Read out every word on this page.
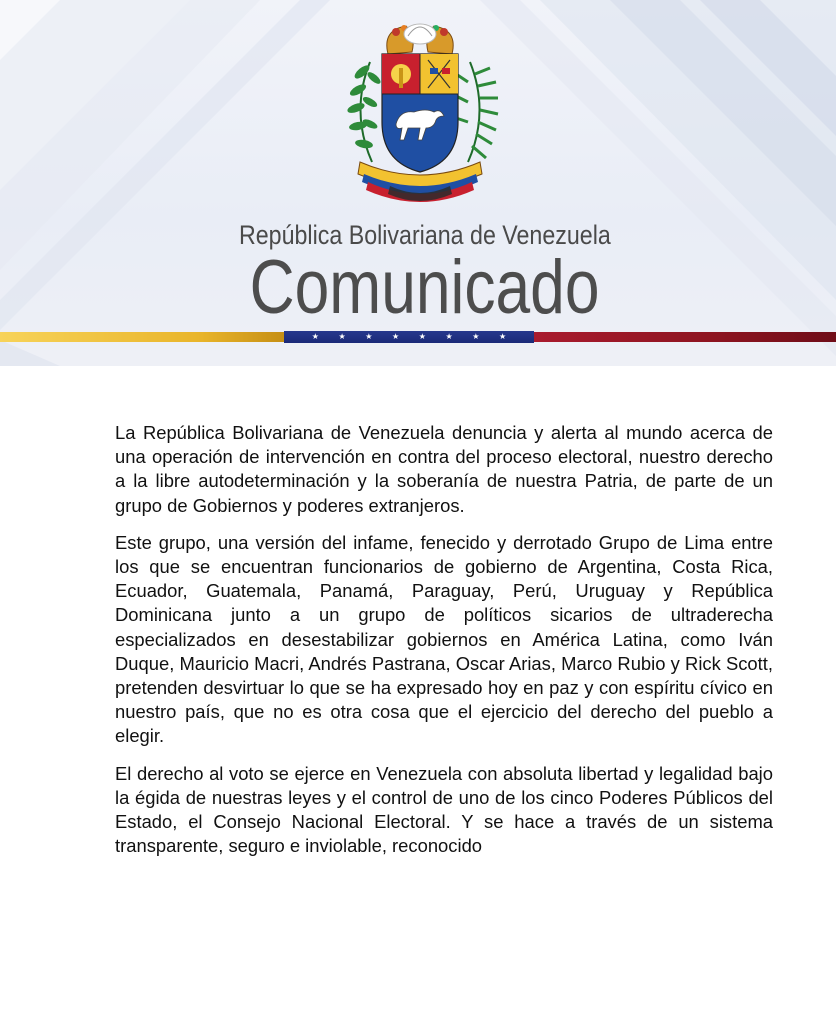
República Bolivariana de Venezuela
Comunicado
★ ★ ★ ★ ★ ★ ★ ★

La República Bolivariana de Venezuela denuncia y alerta al mundo acerca de una operación de intervención en contra del proceso electoral, nuestro derecho a la libre autodeterminación y la soberanía de nuestra Patria, de parte de un grupo de Gobiernos y poderes extranjeros.

Este grupo, una versión del infame, fenecido y derrotado Grupo de Lima entre los que se encuentran funcionarios de gobierno de Argentina, Costa Rica, Ecuador, Guatemala, Panamá, Paraguay, Perú, Uruguay y República Dominicana junto a un grupo de políticos sicarios de ultraderecha especializados en desestabilizar gobiernos en América Latina, como Iván Duque, Mauricio Macri, Andrés Pastrana, Oscar Arias, Marco Rubio y Rick Scott, pretenden desvirtuar lo que se ha expresado hoy en paz y con espíritu cívico en nuestro país, que no es otra cosa que el ejercicio del derecho del pueblo a elegir.

El derecho al voto se ejerce en Venezuela con absoluta libertad y legalidad bajo la égida de nuestras leyes y el control de uno de los cinco Poderes Públicos del Estado, el Consejo Nacional Electoral. Y se hace a través de un sistema transparente, seguro e inviolable, reconocido
